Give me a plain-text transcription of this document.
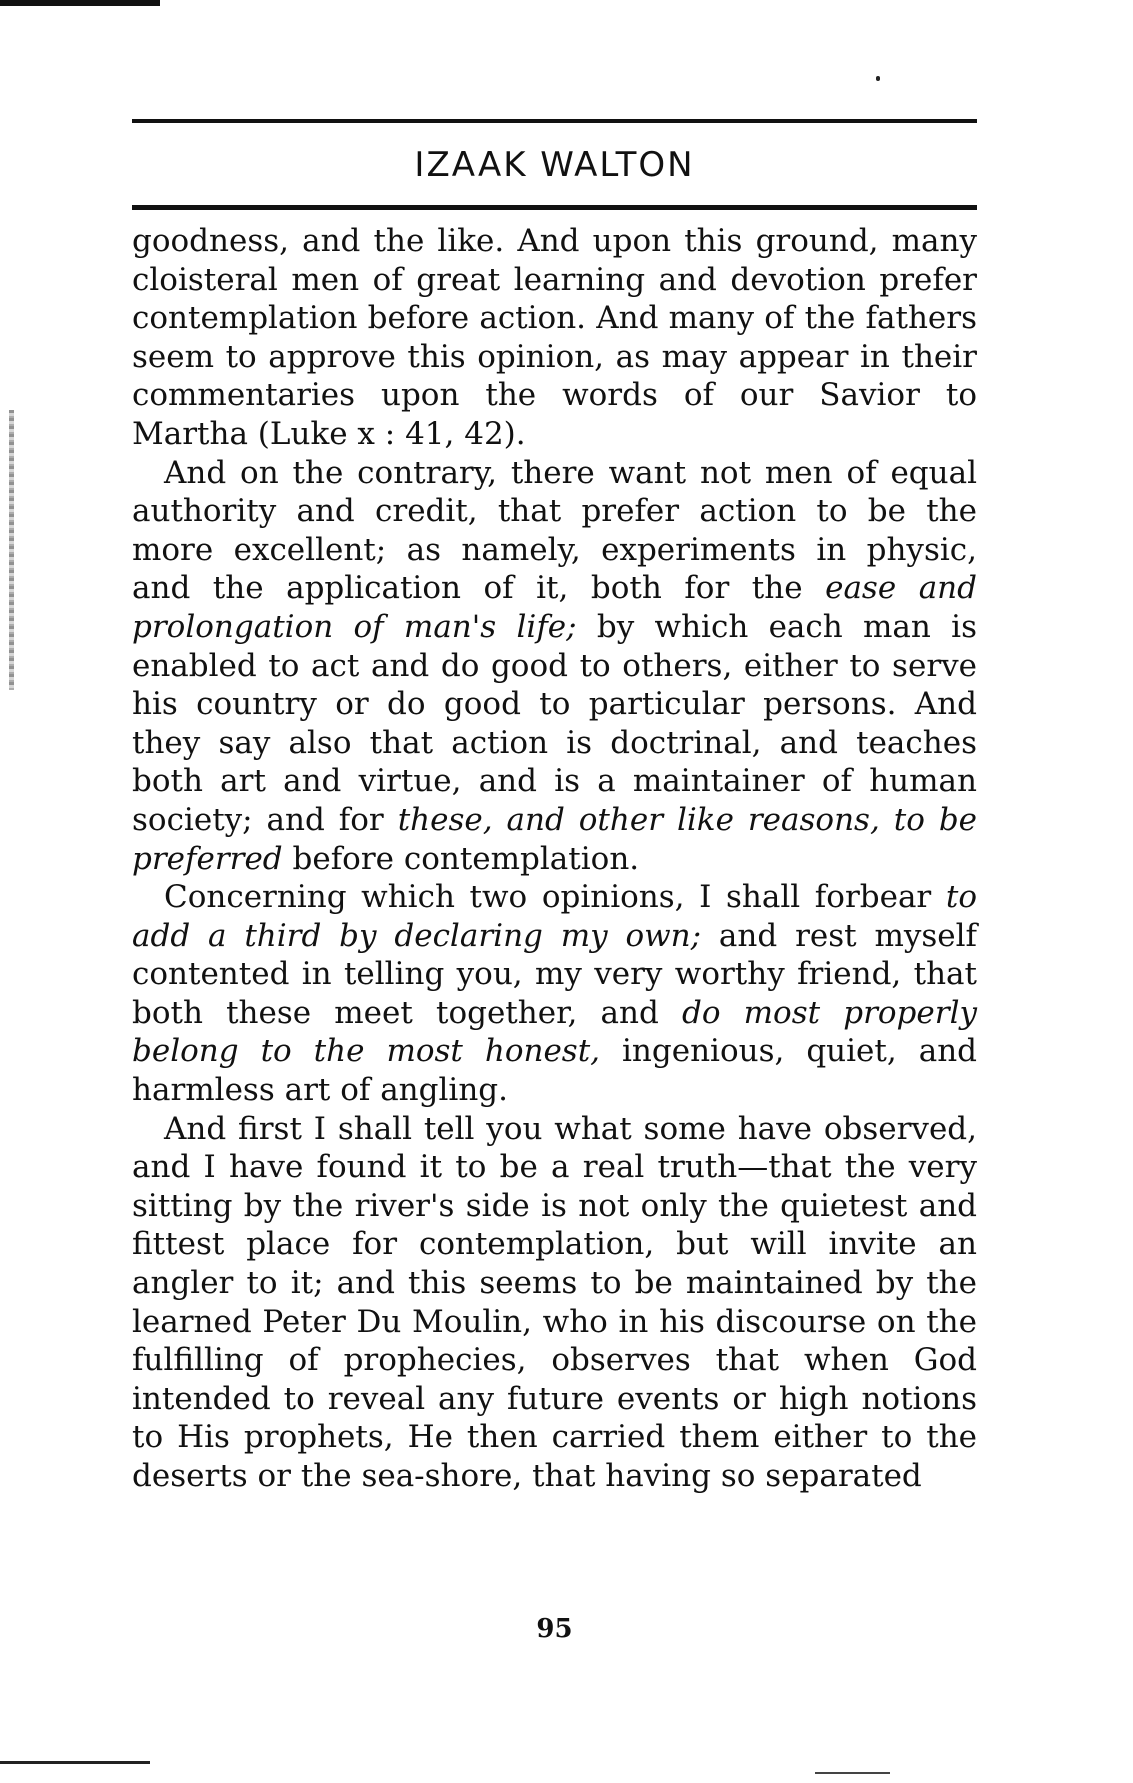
IZAAK WALTON

goodness, and the like. And upon this ground, many cloisteral men of great learning and devotion prefer contemplation before action. And many of the fathers seem to approve this opinion, as may appear in their commentaries upon the words of our Savior to Martha (Luke x : 41, 42).

And on the contrary, there want not men of equal authority and credit, that prefer action to be the more excellent; as namely, experiments in physic, and the application of it, both for the ease and prolongation of man's life; by which each man is enabled to act and do good to others, either to serve his country or do good to particular persons. And they say also that action is doctrinal, and teaches both art and virtue, and is a maintainer of human society; and for these, and other like reasons, to be preferred before contemplation.

Concerning which two opinions, I shall forbear to add a third by declaring my own; and rest myself contented in telling you, my very worthy friend, that both these meet together, and do most properly belong to the most honest, ingenious, quiet, and harmless art of angling.

And first I shall tell you what some have observed, and I have found it to be a real truth—that the very sitting by the river's side is not only the quietest and fittest place for contemplation, but will invite an angler to it; and this seems to be maintained by the learned Peter Du Moulin, who in his discourse on the fulfilling of prophecies, observes that when God intended to reveal any future events or high notions to His prophets, He then carried them either to the deserts or the sea-shore, that having so separated

95
